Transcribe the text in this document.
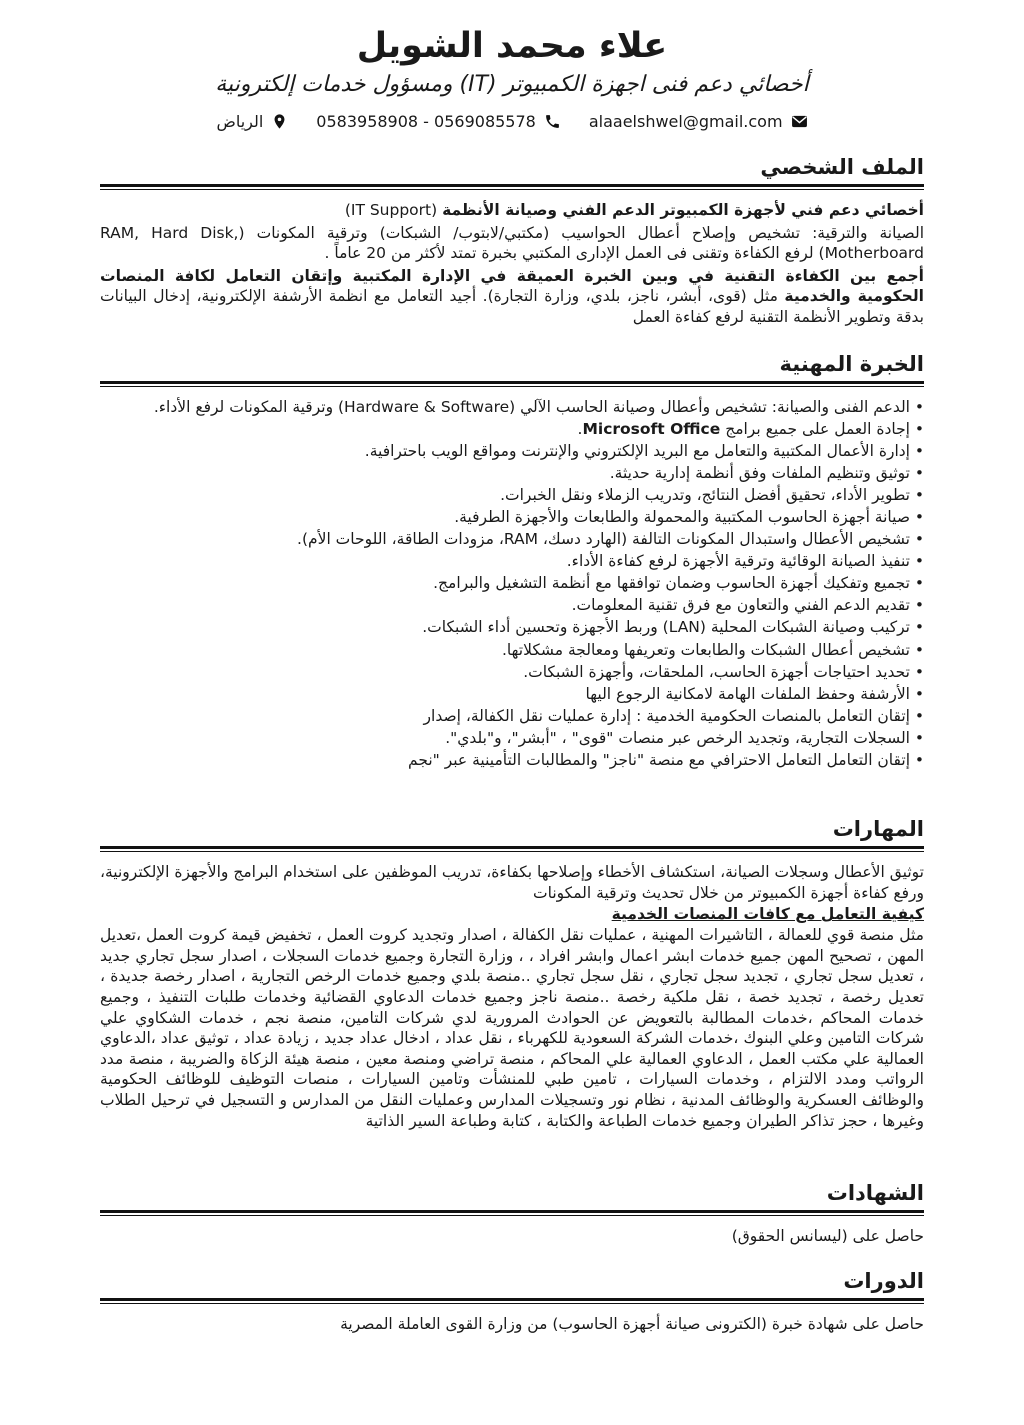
علاء محمد الشويل
أخصائي دعم فنى اجهزة الكمبيوتر (IT) ومسؤول خدمات إلكترونية
alaaelshwel@gmail.com
0583958908 - 0569085578
الرياض
الملف الشخصي

أخصائي دعم فني لأجهزة الكمبيوتر الدعم الفني وصيانة الأنظمة (IT Support)

الصيانة والترقية: تشخيص وإصلاح أعطال الحواسيب (مكتبي/لابتوب/ الشبكات) وترقية المكونات (RAM, Hard Disk, Motherboard) لرفع الكفاءة وتقنى فى العمل الإدارى المكتبي بخبرة تمتد لأكثر من 20 عاماً .

أجمع بين الكفاءة التقنية في وبين الخبرة العميقة في الإدارة المكتبية وإتقان التعامل لكافة المنصات الحكومية والخدمية مثل (قوى، أبشر، ناجز، بلدي، وزارة التجارة). أجيد التعامل مع انظمة الأرشفة الإلكترونية، إدخال البيانات بدقة وتطوير الأنظمة التقنية لرفع كفاءة العمل

الخبرة المهنية
• الدعم الفنى والصيانة: تشخيص وأعطال وصيانة الحاسب الآلي (Hardware & Software) وترقية المكونات لرفع الأداء.
• إجادة العمل على جميع برامج Microsoft Office.
• إدارة الأعمال المكتبية والتعامل مع البريد الإلكتروني والإنترنت ومواقع الويب باحترافية.
• توثيق وتنظيم الملفات وفق أنظمة إدارية حديثة.
• تطوير الأداء، تحقيق أفضل النتائج، وتدريب الزملاء ونقل الخبرات.
• صيانة أجهزة الحاسوب المكتبية والمحمولة والطابعات والأجهزة الطرفية.
• تشخيص الأعطال واستبدال المكونات التالفة (الهارد دسك، RAM، مزودات الطاقة، اللوحات الأم).
• تنفيذ الصيانة الوقائية وترقية الأجهزة لرفع كفاءة الأداء.
• تجميع وتفكيك أجهزة الحاسوب وضمان توافقها مع أنظمة التشغيل والبرامج.
• تقديم الدعم الفني والتعاون مع فرق تقنية المعلومات.
• تركيب وصيانة الشبكات المحلية (LAN) وربط الأجهزة وتحسين أداء الشبكات.
• تشخيص أعطال الشبكات والطابعات وتعريفها ومعالجة مشكلاتها.
• تحديد احتياجات أجهزة الحاسب، الملحقات، وأجهزة الشبكات.
• الأرشفة وحفظ الملفات الهامة لامكانية الرجوع اليها
• إتقان التعامل بالمنصات الحكومية الخدمية : إدارة عمليات نقل الكفالة، إصدار
• السجلات التجارية، وتجديد الرخص عبر منصات "قوى" ، "أبشر"، و"بلدي".
• إتقان التعامل التعامل الاحترافي مع منصة "ناجز" والمطالبات التأمينية عبر "نجم
المهارات

توثيق الأعطال وسجلات الصيانة، استكشاف الأخطاء وإصلاحها بكفاءة، تدريب الموظفين على استخدام البرامج والأجهزة الإلكترونية، ورفع كفاءة أجهزة الكمبيوتر من خلال تحديث وترقية المكونات

كيفية التعامل مع كافات المنصات الخدمية

مثل منصة قوي للعمالة ، التاشيرات المهنية ، عمليات نقل الكفالة ، اصدار وتجديد كروت العمل ، تخفيض قيمة كروت العمل ،تعديل المهن ، تصحيح المهن جميع خدمات ابشر اعمال وابشر افراد ، ، وزارة التجارة وجميع خدمات السجلات ، اصدار سجل تجاري جديد ، تعديل سجل تجاري ، تجديد سجل تجاري ، نقل سجل تجاري ..منصة بلدي وجميع خدمات الرخص التجارية ، اصدار رخصة جديدة ، تعديل رخصة ، تجديد خصة ، نقل ملكية رخصة ..منصة ناجز وجميع خدمات الدعاوي القضائية وخدمات طلبات التنفيذ ، وجميع خدمات المحاكم ،خدمات المطالبة بالتعويض عن الحوادث المرورية لدي شركات التامين، منصة نجم ، خدمات الشكاوي علي شركات التامين وعلي البنوك ،خدمات الشركة السعودية للكهرباء ، نقل عداد ، ادخال عداد جديد ، زيادة عداد ، توثيق عداد ،الدعاوي العمالية علي مكتب العمل ، الدعاوي العمالية علي المحاكم ، منصة تراضي ومنصة معين ، منصة هيئة الزكاة والضريبة ، منصة مدد الرواتب ومدد الالتزام ، وخدمات السيارات ، تامين طبي للمنشأت وتامين السيارات ، منصات التوظيف للوظائف الحكومية والوظائف العسكرية والوظائف المدنية ، نظام نور وتسجيلات المدارس وعمليات النقل من المدارس و التسجيل في ترحيل الطلاب وغيرها ، حجز تذاكر الطيران وجميع خدمات الطباعة والكتابة ، كتابة وطباعة السير الذاتية

الشهادات

حاصل على (ليسانس الحقوق)

الدورات

حاصل على شهادة خبرة (الكترونى صيانة أجهزة الحاسوب) من وزارة القوى العاملة المصرية
